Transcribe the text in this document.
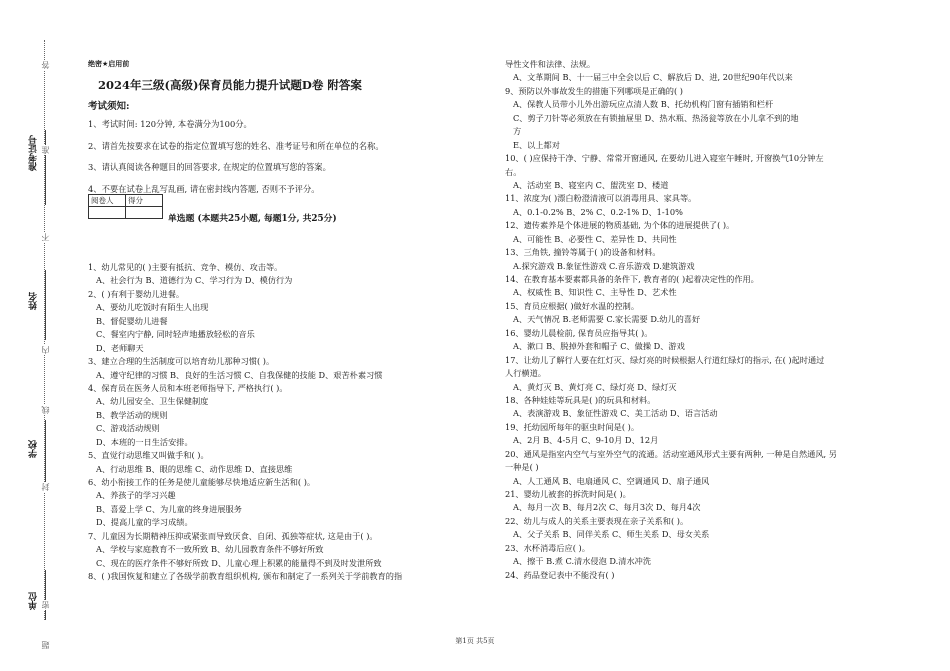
准考证号
姓名
学校
单位 密
封
线
内
不
准
答
题
绝密★启用前
2024年三级(高级)保育员能力提升试题D卷 附答案
考试须知:
1、考试时间: 120分钟, 本卷满分为100分。
2、请首先按要求在试卷的指定位置填写您的姓名、准考证号和所在单位的名称。
3、请认真阅读各种题目的回答要求, 在规定的位置填写您的答案。
4、不要在试卷上乱写乱画, 请在密封线内答题, 否则不予评分。
阅卷人	得分

单选题 (本题共25小题, 每题1分, 共25分)
1、幼儿常见的( )主要有抵抗、竞争、模仿、攻击等。
A、社会行为 B、道德行为 C、学习行为 D、模仿行为
2、( )有利于婴幼儿进餐。
A、要幼儿吃饭时有陌生人出现
B、督促婴幼儿进餐
C、餐室内宁静, 同时轻声地播放轻松的音乐
D、老师聊天
3、建立合理的生活制度可以培育幼儿那种习惯( )。
A、遵守纪律的习惯 B、良好的生活习惯 C、自我保健的技能 D、艰苦朴素习惯
4、保育员在医务人员和本班老师指导下, 严格执行( )。
A、幼儿园安全、卫生保健制度
B、教学活动的规则
C、游戏活动规则
D、本班的一日生活安排。
5、直觉行动思维又叫做手和( )。
A、行动思维 B、眼的思维 C、动作思维 D、直接思维
6、幼小衔接工作的任务是使儿童能够尽快地适应新生活和( )。
A、养孩子的学习兴趣
B、喜爱上学 C、为儿童的终身进展服务
D、提高儿童的学习成绩。
7、儿童因为长期精神压抑或紧张而导致厌食、自闭、孤独等症状, 这是由于( )。
A、学校与家庭教育不一致所致 B、幼儿园教育条件不够好所致
C、现在的医疗条件不够好所致 D、儿童心理上积累的能量得不到及时发泄所致
8、( )我国恢复和建立了各级学前教育组织机构, 颁布和制定了一系列关于学前教育的指
导性文件和法律、法规。
A、文革期间 B、十一届三中全会以后 C、解放后 D、进, 20世纪90年代以来
9、预防以外事故发生的措施下列哪项是正确的( )
A、保教人员带小儿外出游玩应点清人数 B、托幼机构门窗有插销和栏杆
C、剪子刀针等必须放在有锁抽屉里 D、热水瓶、热汤瓮等放在小儿拿不到的地
方
E、以上都对
10、( )应保持干净、宁静、常常开窗通风, 在要幼儿进入寝室午睡时, 开窗换气10分钟左
右。
A、活动室 B、寝室内 C、盥洗室 D、楼道
11、浓度为( )漂白粉澄清液可以消毒用具、家具等。
A、0.1-0.2% B、2% C、0.2-1% D、1-10%
12、遗传素养是个体进展的物质基础, 为个体的进展提供了( )。
A、可能性 B、必要性 C、差异性 D、共同性
13、三角铁, 撞铃等属于( )的设备和材料。
A.探究游戏 B.象征性游戏 C.音乐游戏 D.建筑游戏
14、在教育基本要素都具备的条件下, 教育者的( )起着决定性的作用。
A、权威性 B、知识性 C、主导性 D、艺术性
15、育员应根据( )做好水温的控制。
A、天气情况 B.老师需要 C.家长需要 D.幼儿的喜好
16、婴幼儿晨检前, 保育员应指导其( )。
A、漱口 B、脱掉外套和帽子 C、做操 D、游戏
17、让幼儿了解行人要在红灯灭、绿灯亮的时候根据人行道红绿灯的指示, 在( )起时通过
人行横道。
A、黄灯灭 B、黄灯亮 C、绿灯亮 D、绿灯灭
18、各种娃娃等玩具是( )的玩具和材料。
A、表演游戏 B、象征性游戏 C、美工活动 D、语言活动
19、托幼园所每年的驱虫时间是( )。
A、2月 B、4-5月 C、9-10月 D、12月
20、通风是指室内空气与室外空气的流通。活动室通风形式主要有两种, 一种是自然通风, 另
一种是( )
A、人工通风 B、电扇通风 C、空调通风 D、扇子通风
21、婴幼儿被套的拆洗时间是( )。
A、每月一次 B、每月2次 C、每月3次 D、每月4次
22、幼儿与成人的关系主要表现在亲子关系和( )。
A、父子关系 B、同伴关系 C、师生关系 D、母女关系
23、水杯消毒后应( )。
A、擦干 B.煮 C.清水侵泡 D.清水冲洗
24、药品登记表中不能没有( )
第1页 共5页
